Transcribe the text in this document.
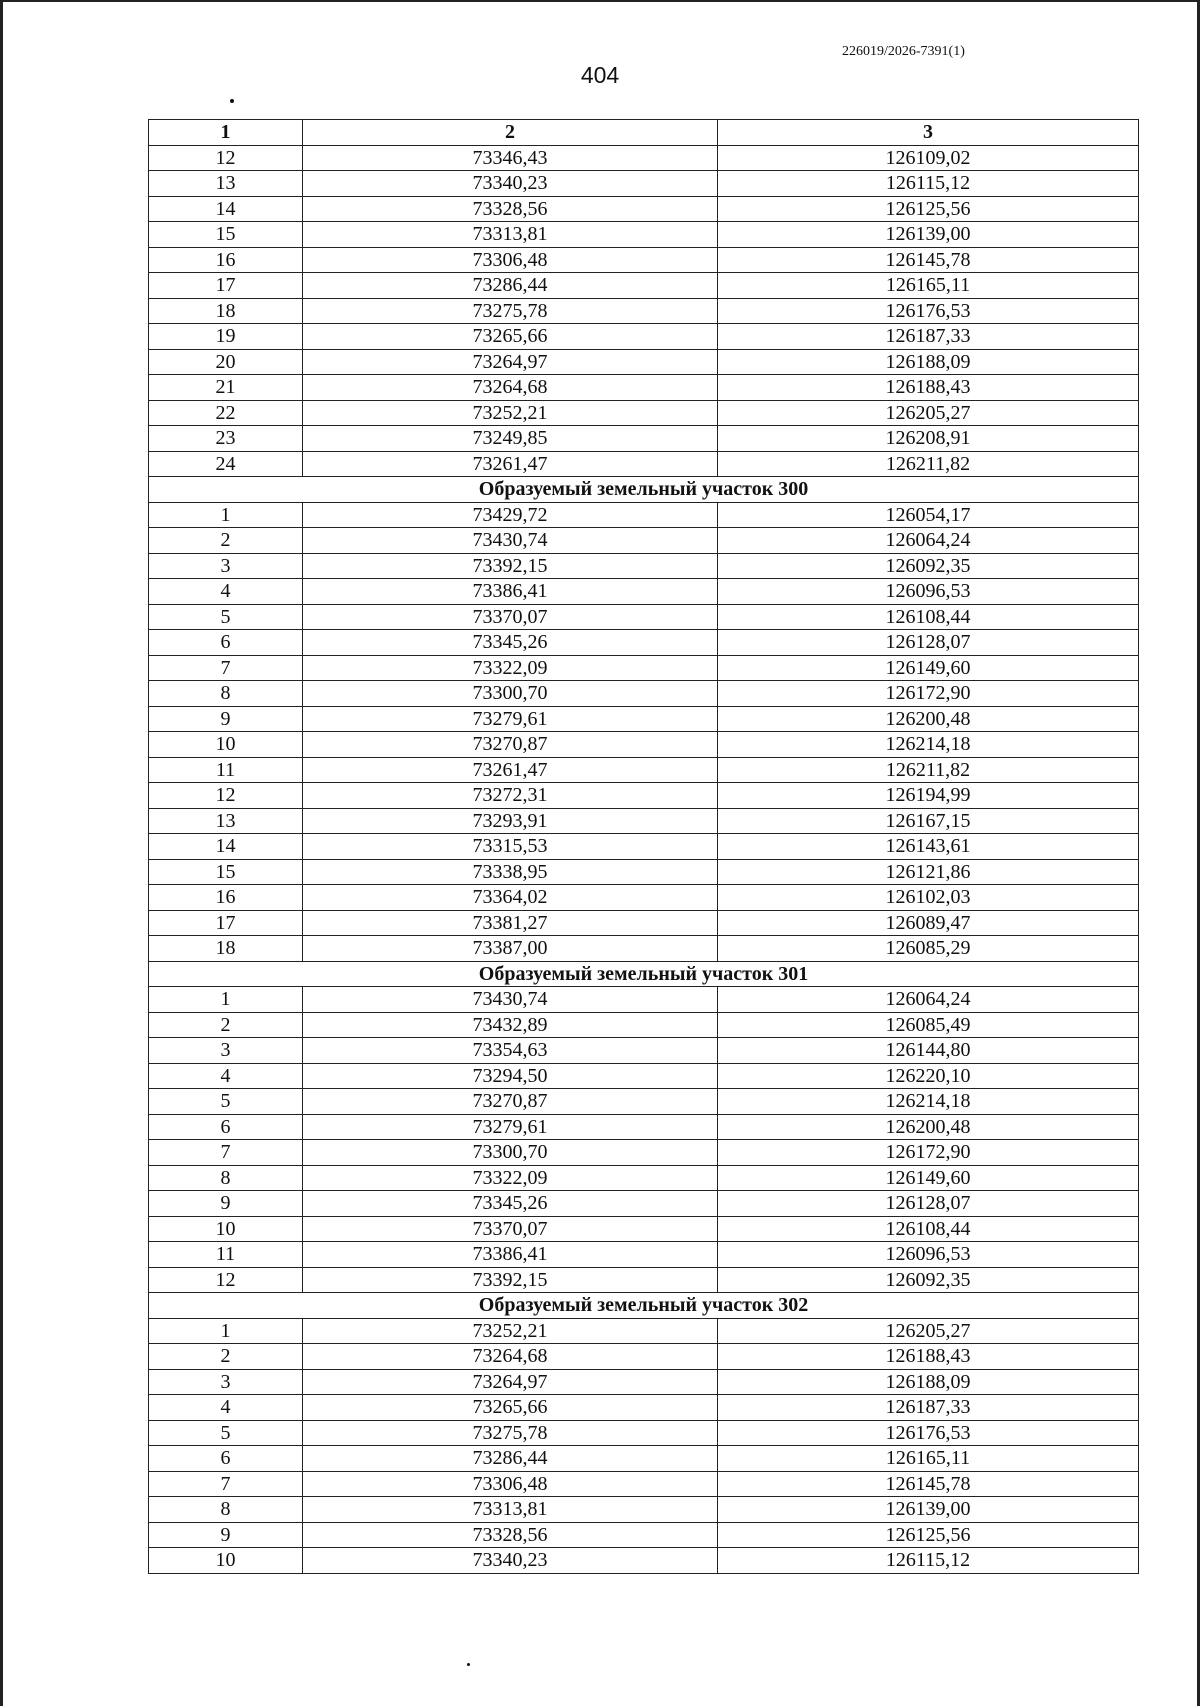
226019/2026-7391(1)
404
1	2	3
12	73346,43	126109,02
13	73340,23	126115,12
14	73328,56	126125,56
15	73313,81	126139,00
16	73306,48	126145,78
17	73286,44	126165,11
18	73275,78	126176,53
19	73265,66	126187,33
20	73264,97	126188,09
21	73264,68	126188,43
22	73252,21	126205,27
23	73249,85	126208,91
24	73261,47	126211,82
Образуемый земельный участок 300		
1	73429,72	126054,17
2	73430,74	126064,24
3	73392,15	126092,35
4	73386,41	126096,53
5	73370,07	126108,44
6	73345,26	126128,07
7	73322,09	126149,60
8	73300,70	126172,90
9	73279,61	126200,48
10	73270,87	126214,18
11	73261,47	126211,82
12	73272,31	126194,99
13	73293,91	126167,15
14	73315,53	126143,61
15	73338,95	126121,86
16	73364,02	126102,03
17	73381,27	126089,47
18	73387,00	126085,29
Образуемый земельный участок 301		
1	73430,74	126064,24
2	73432,89	126085,49
3	73354,63	126144,80
4	73294,50	126220,10
5	73270,87	126214,18
6	73279,61	126200,48
7	73300,70	126172,90
8	73322,09	126149,60
9	73345,26	126128,07
10	73370,07	126108,44
11	73386,41	126096,53
12	73392,15	126092,35
Образуемый земельный участок 302		
1	73252,21	126205,27
2	73264,68	126188,43
3	73264,97	126188,09
4	73265,66	126187,33
5	73275,78	126176,53
6	73286,44	126165,11
7	73306,48	126145,78
8	73313,81	126139,00
9	73328,56	126125,56
10	73340,23	126115,12
